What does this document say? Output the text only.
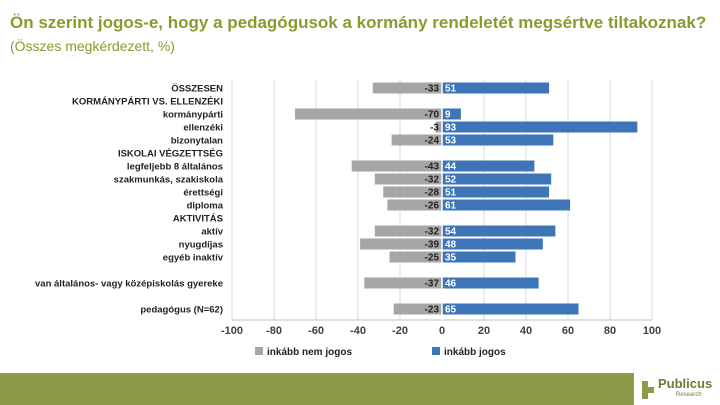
Ön szerint jogos-e, hogy a pedagógusok a kormány rendeletét megsértve tiltakoznak?
(Összes megkérdezett, %)
-100 -80 -60 -40 -20	0	20	40	60	80 100
ÖSSZESEN	-33 51
KORMÁNYPÁRTI VS. ELLENZÉKI
kormánypárti	-70 9
ellenzéki	-3 93
bizonytalan	-24 53
ISKOLAI VÉGZETTSÉG
legfeljebb 8 általános	-43 44
szakmunkás, szakiskola	-32 52
érettségi	-28 51
diploma	-26 61
AKTIVITÁS
aktív	-32 54
nyugdíjas	-39 48
egyéb inaktív	-25 35
van általános- vagy középiskolás gyereke	-37 46
pedagógus (N=62)	-23 65
inkább nem jogos	inkább jogos
Publicus
Research
